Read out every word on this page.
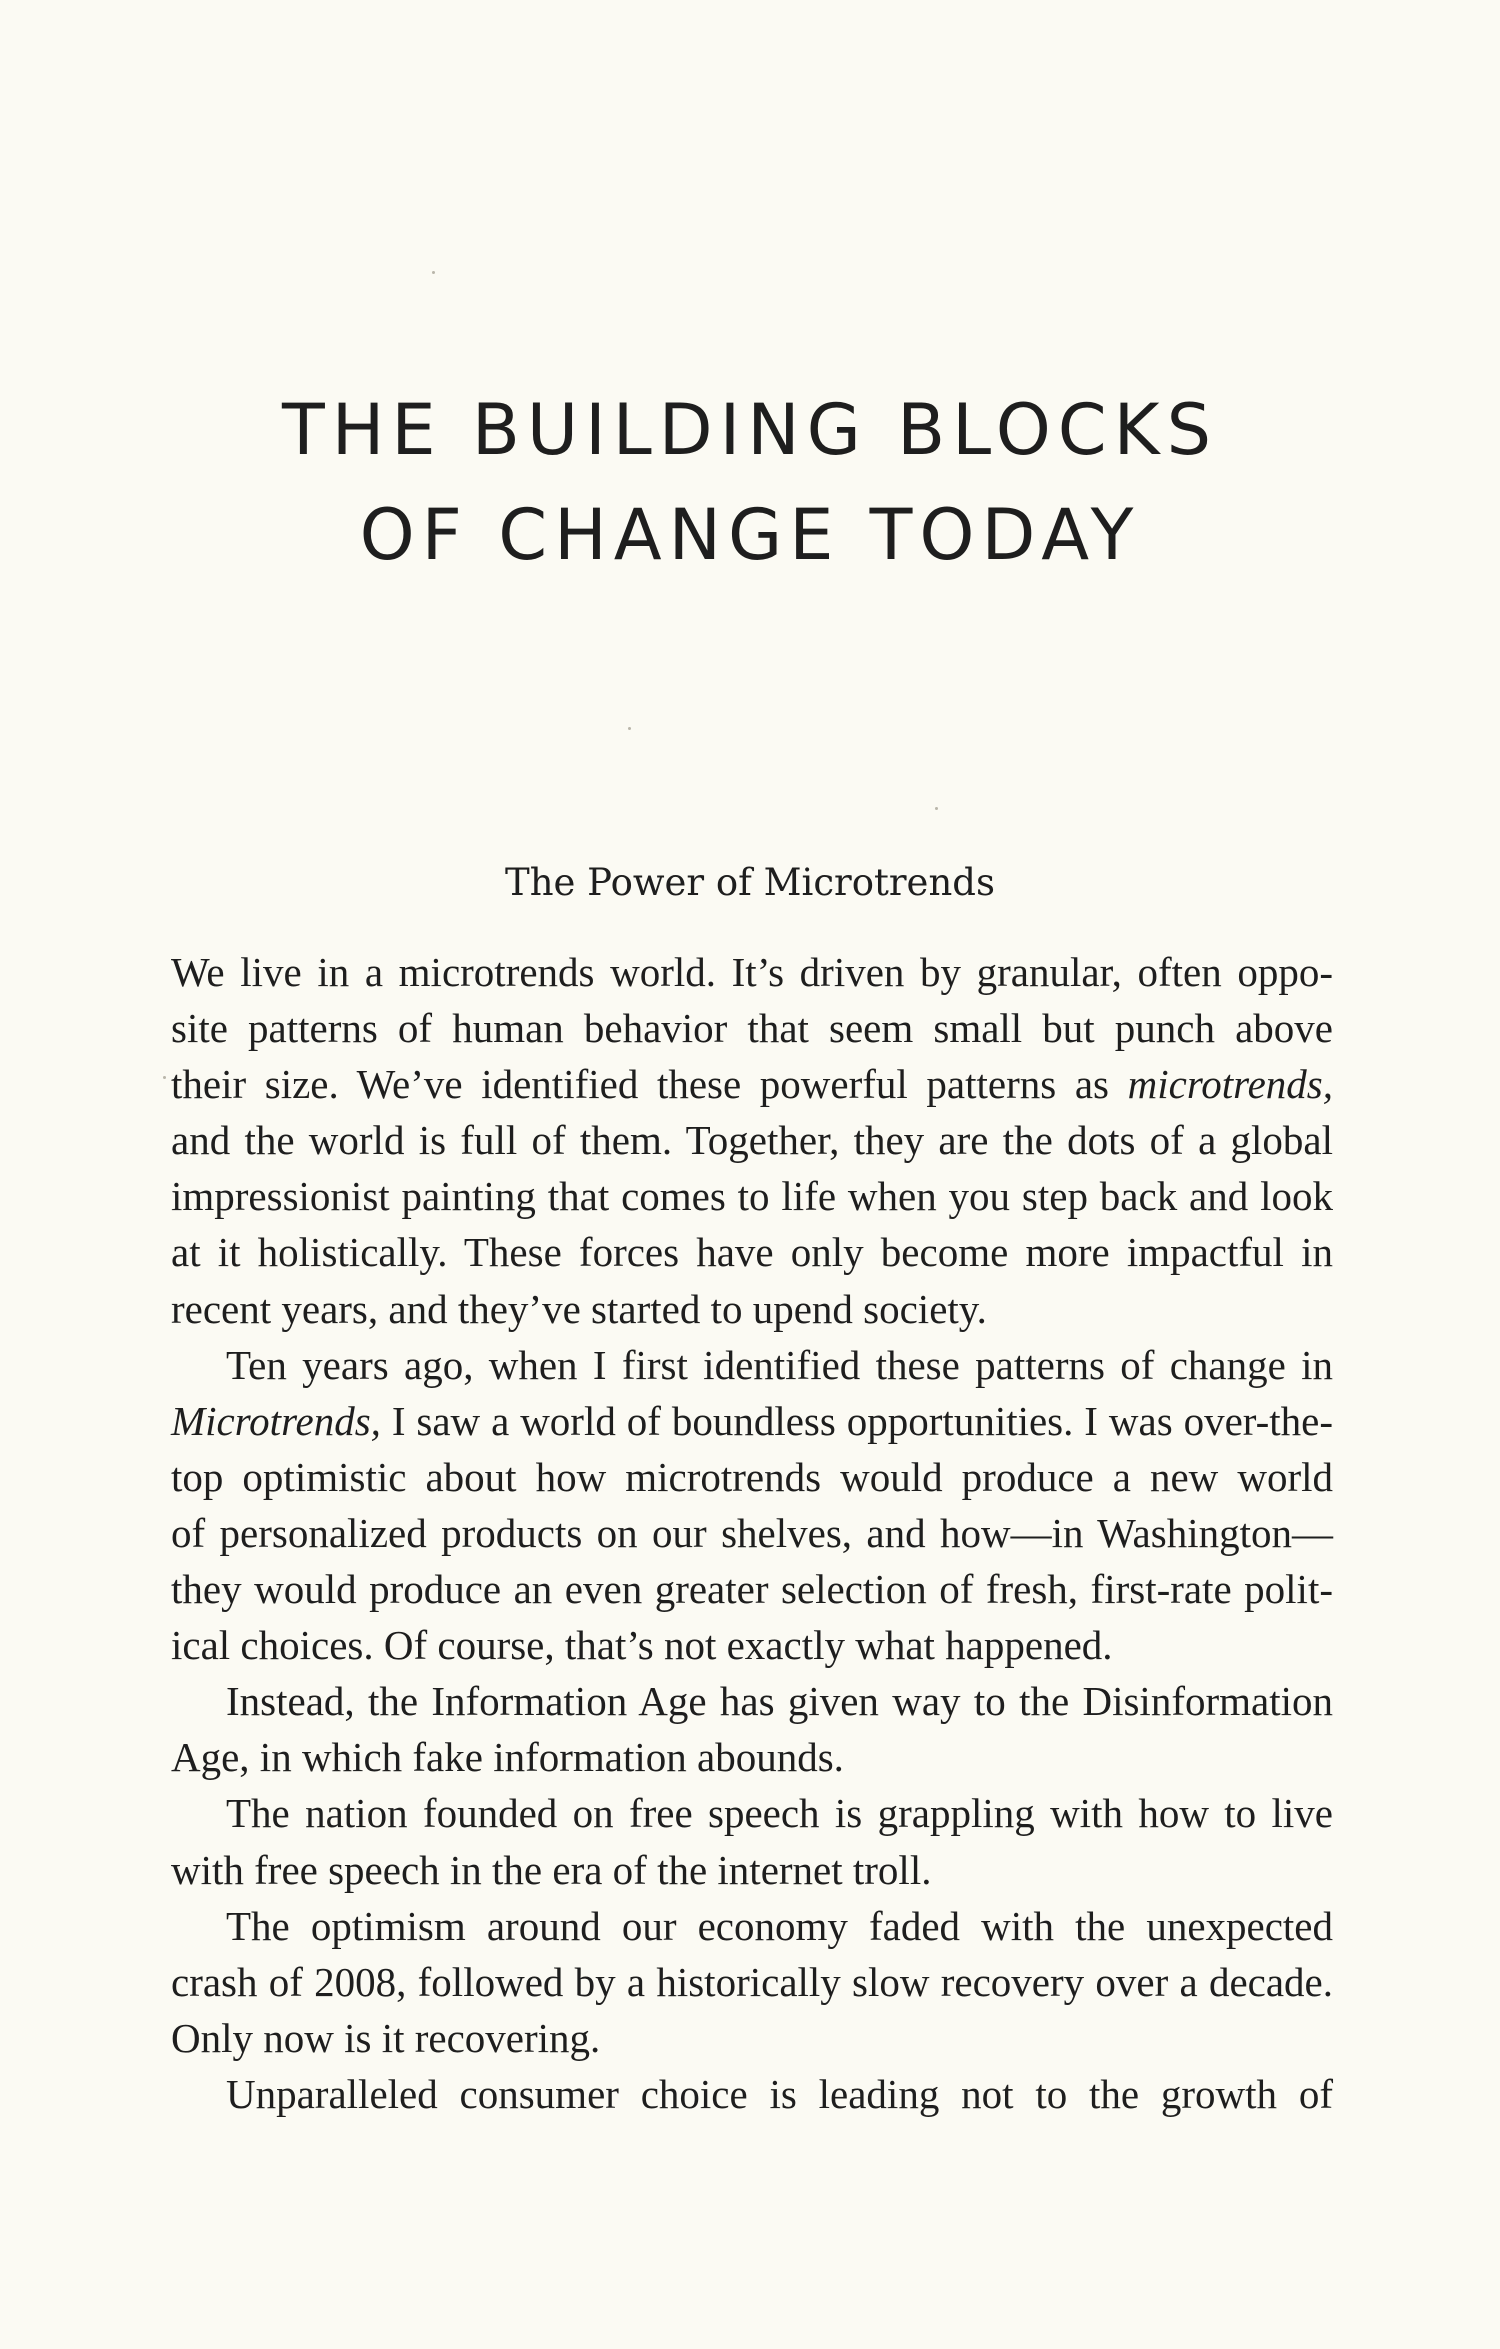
THE BUILDING BLOCKS
OF CHANGE TODAY
The Power of Microtrends
We live in a microtrends world. It’s driven by granular, often oppo-
site patterns of human behavior that seem small but punch above
their size. We’ve identified these powerful patterns as microtrends,
and the world is full of them. Together, they are the dots of a global
impressionist painting that comes to life when you step back and look
at it holistically. These forces have only become more impactful in
recent years, and they’ve started to upend society.
Ten years ago, when I first identified these patterns of change in
Microtrends, I saw a world of boundless opportunities. I was over-the-
top optimistic about how microtrends would produce a new world
of personalized products on our shelves, and how—in Washington—
they would produce an even greater selection of fresh, first-rate polit-
ical choices. Of course, that’s not exactly what happened.
Instead, the Information Age has given way to the Disinformation
Age, in which fake information abounds.
The nation founded on free speech is grappling with how to live
with free speech in the era of the internet troll.
The optimism around our economy faded with the unexpected
crash of 2008, followed by a historically slow recovery over a decade.
Only now is it recovering.
Unparalleled consumer choice is leading not to the growth of
